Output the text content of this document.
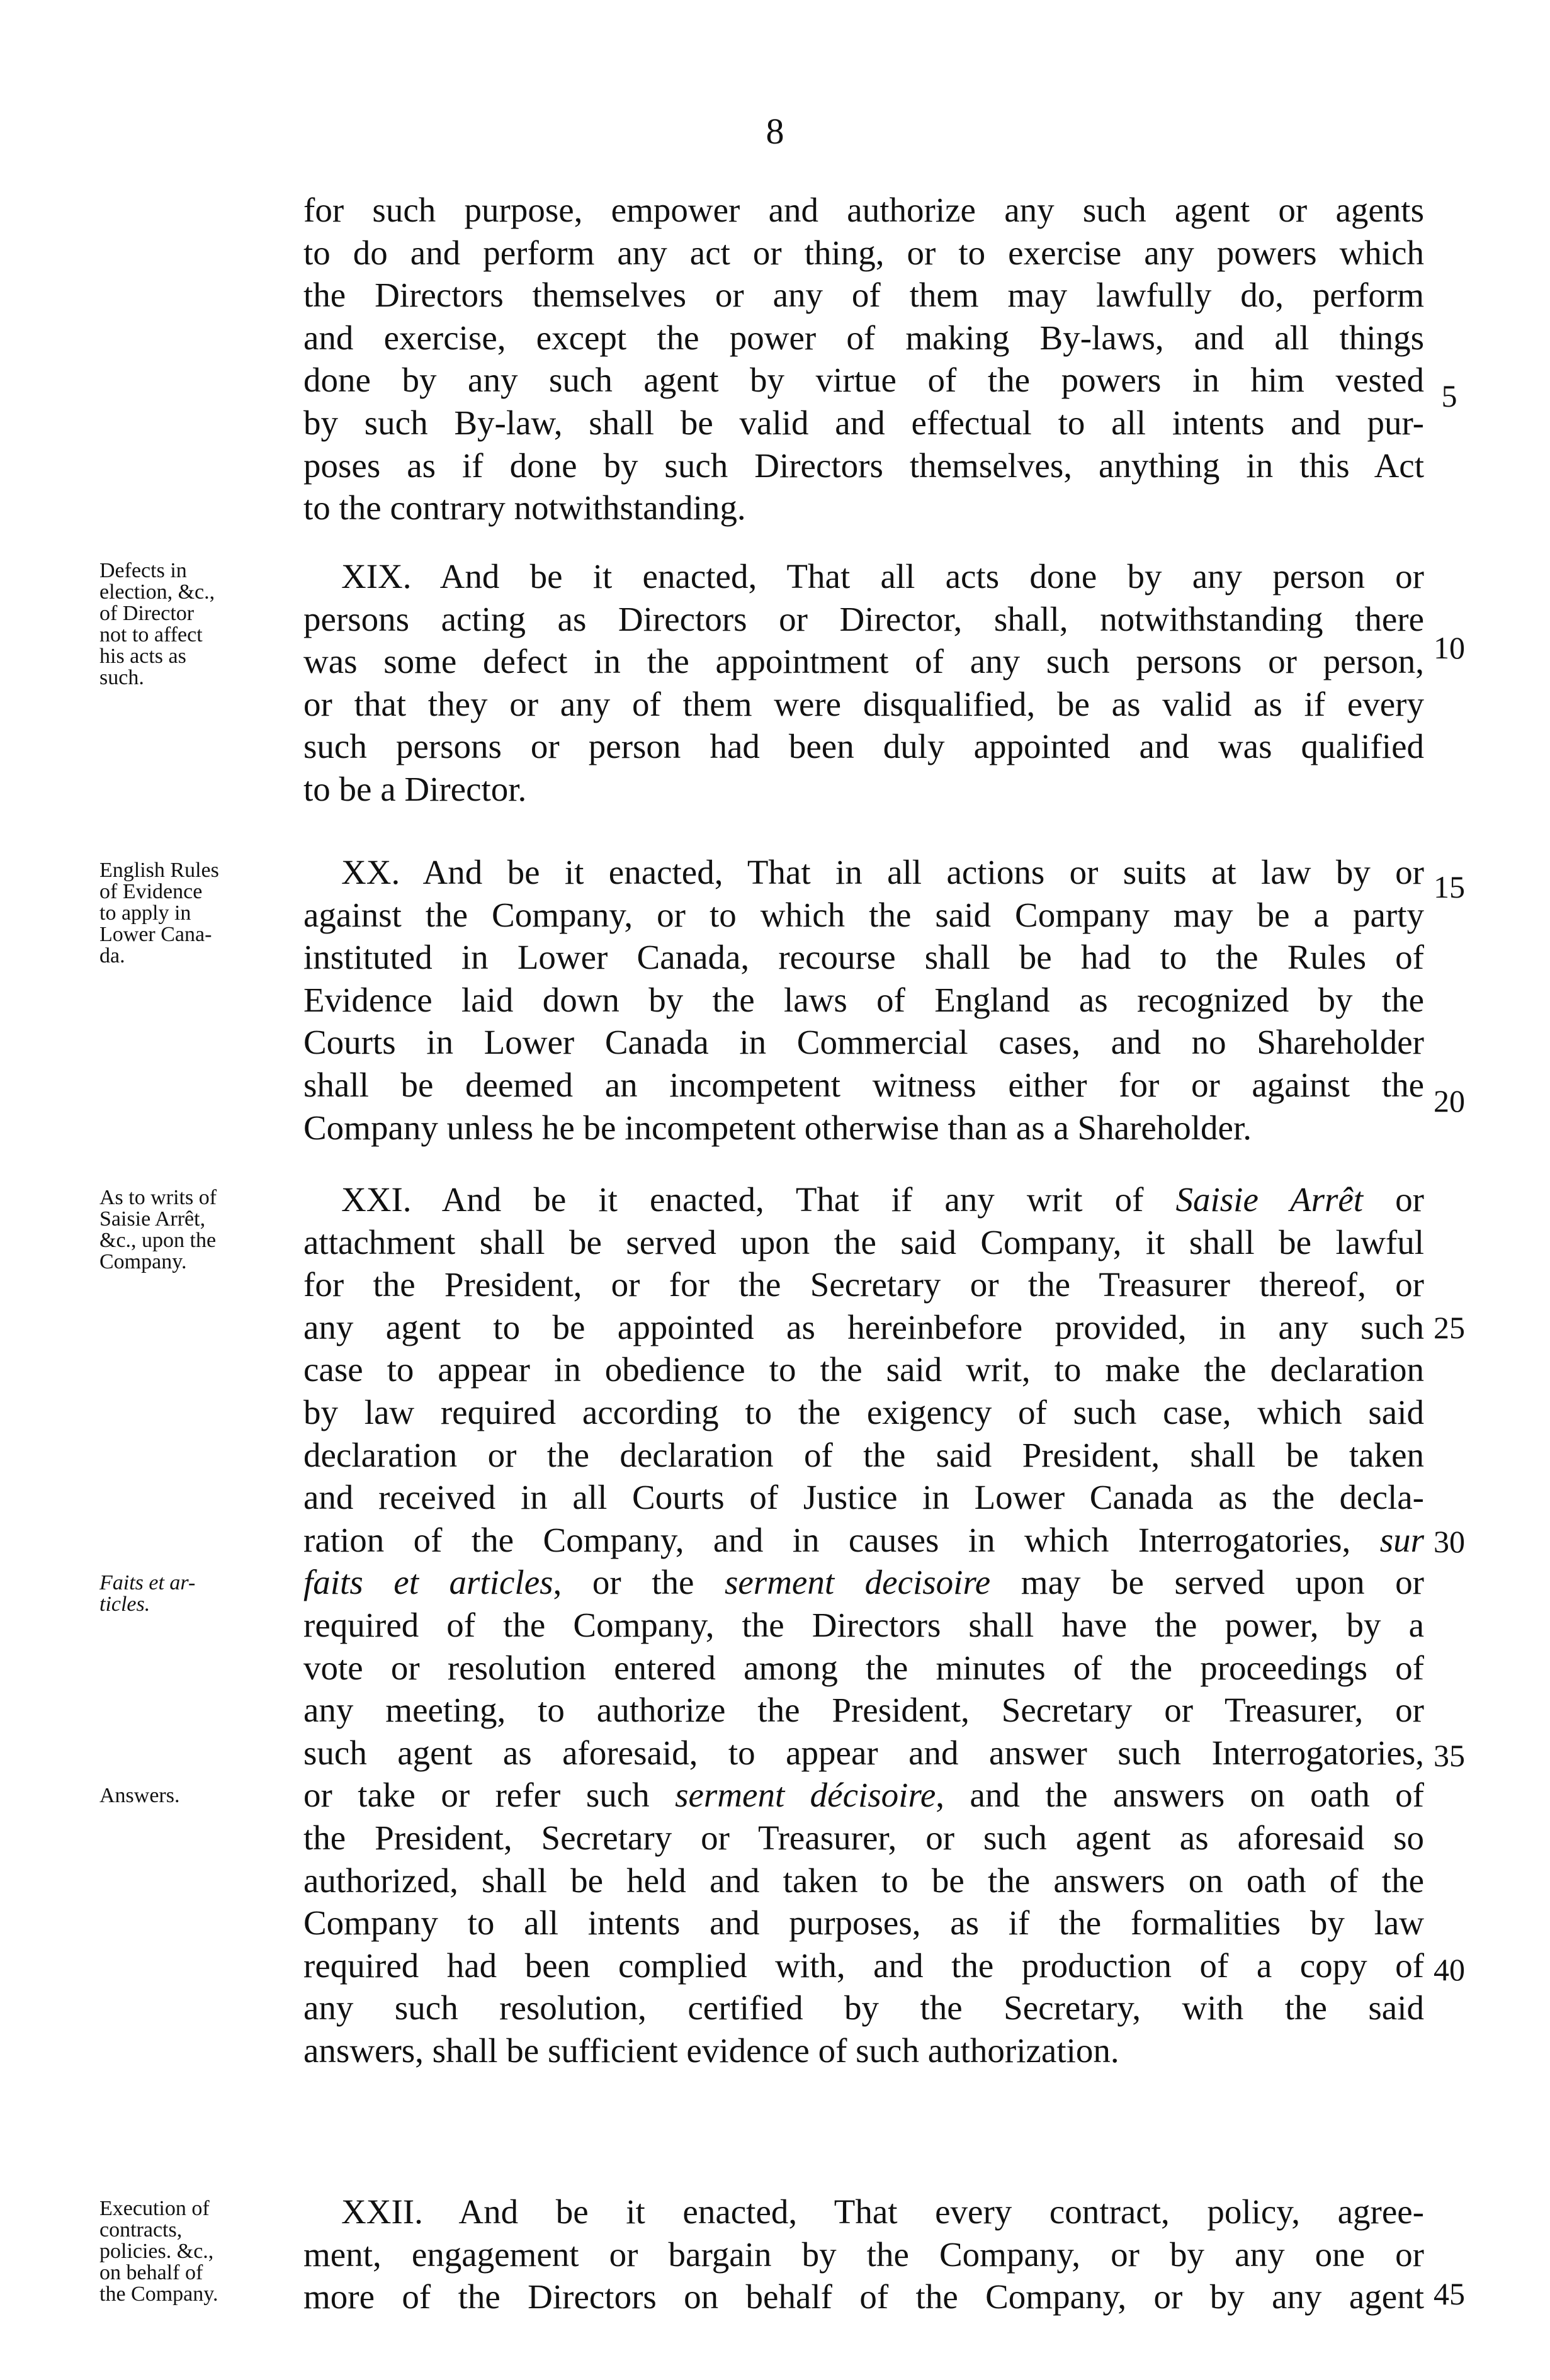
8
for such purpose, empower and authorize any such agent or agents
to do and perform any act or thing, or to exercise any powers which
the Directors themselves or any of them may lawfully do, perform
and exercise, except the power of making By-laws, and all things
done by any such agent by virtue of the powers in him vested
by such By-law, shall be valid and effectual to all intents and pur-
poses as if done by such Directors themselves, anything in this Act
to the contrary notwithstanding.
Defects in
election, &c.,
of Director
not to affect
his acts as
such.
XIX. And be it enacted, That all acts done by any person or
persons acting as Directors or Director, shall, notwithstanding there
was some defect in the appointment of any such persons or person,
or that they or any of them were disqualified, be as valid as if every
such persons or person had been duly appointed and was qualified
to be a Director.
English Rules
of Evidence
to apply in
Lower Cana-
da.
XX. And be it enacted, That in all actions or suits at law by or
against the Company, or to which the said Company may be a party
instituted in Lower Canada, recourse shall be had to the Rules of
Evidence laid down by the laws of England as recognized by the
Courts in Lower Canada in Commercial cases, and no Shareholder
shall be deemed an incompetent witness either for or against the
Company unless he be incompetent otherwise than as a Shareholder.
As to writs of
Saisie Arrêt,
&c., upon the
Company.
Faits et ar-
ticles.
Answers.
XXI. And be it enacted, That if any writ of Saisie Arrêt or
attachment shall be served upon the said Company, it shall be lawful
for the President, or for the Secretary or the Treasurer thereof, or
any agent to be appointed as hereinbefore provided, in any such
case to appear in obedience to the said writ, to make the declaration
by law required according to the exigency of such case, which said
declaration or the declaration of the said President, shall be taken
and received in all Courts of Justice in Lower Canada as the decla-
ration of the Company, and in causes in which Interrogatories, sur
faits et articles, or the serment decisoire may be served upon or
required of the Company, the Directors shall have the power, by a
vote or resolution entered among the minutes of the proceedings of
any meeting, to authorize the President, Secretary or Treasurer, or
such agent as aforesaid, to appear and answer such Interrogatories,
or take or refer such serment décisoire, and the answers on oath of
the President, Secretary or Treasurer, or such agent as aforesaid so
authorized, shall be held and taken to be the answers on oath of the
Company to all intents and purposes, as if the formalities by law
required had been complied with, and the production of a copy of
any such resolution, certified by the Secretary, with the said
answers, shall be sufficient evidence of such authorization.
Execution of
contracts,
policies. &c.,
on behalf of
the Company.
XXII. And be it enacted, That every contract, policy, agree-
ment, engagement or bargain by the Company, or by any one or
more of the Directors on behalf of the Company, or by any agent
5
10
15
20
25
30
35
40
45
